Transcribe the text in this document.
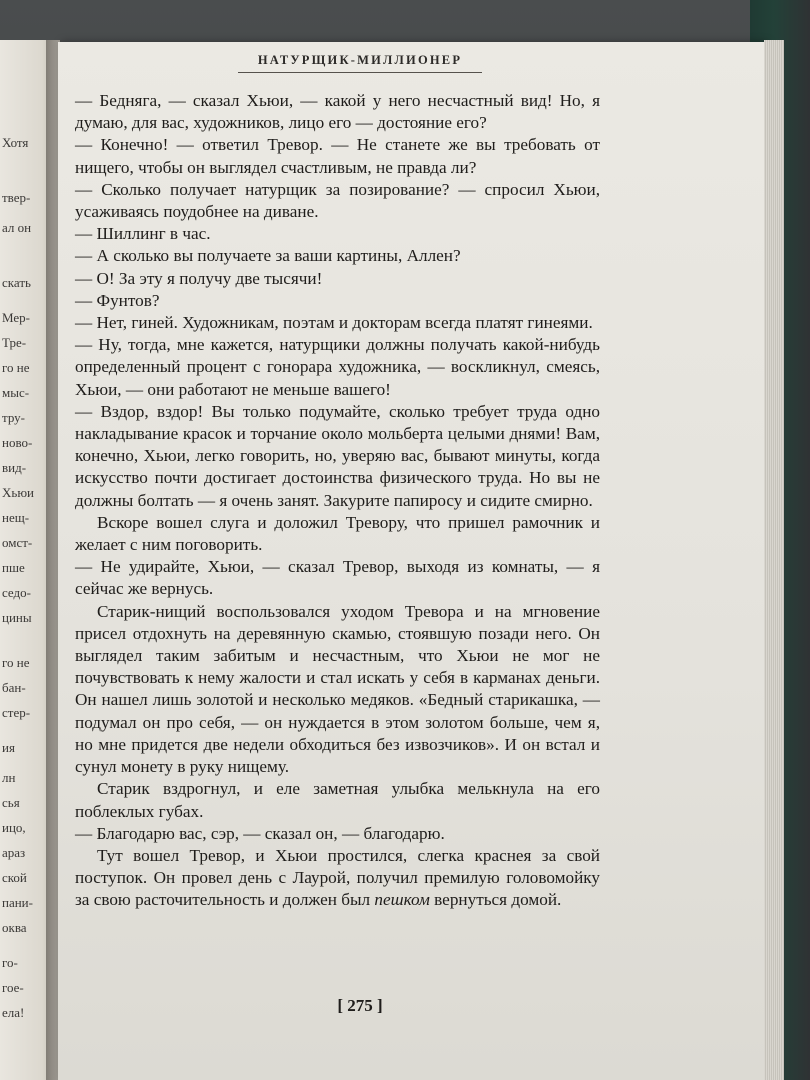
Хотя
твер-
ал он
скать
Мер-
Тре-
го не
мыс-
тру-
ново-
вид-
Хьюи
нещ-
омст-
пше
седо-
цины
го не
бан-
стер-
ия
лн
сья
ицо,
араз
ской
пани-
оква
го-
гое-
ела!
НАТУРЩИК-МИЛЛИОНЕР

— Бедняга, — сказал Хьюи, — какой у него несчастный вид! Но, я думаю, для вас, художников, лицо его — достояние его?

— Конечно! — ответил Тревор. — Не станете же вы требовать от нищего, чтобы он выглядел счастливым, не правда ли?

— Сколько получает натурщик за позирование? — спросил Хьюи, усаживаясь поудобнее на диване.

— Шиллинг в час.

— А сколько вы получаете за ваши картины, Аллен?

— О! За эту я получу две тысячи!

— Фунтов?

— Нет, гиней. Художникам, поэтам и докторам всегда платят гинеями.

— Ну, тогда, мне кажется, натурщики должны получать какой-нибудь определенный процент с гонорара художника, — воскликнул, смеясь, Хьюи, — они работают не меньше вашего!

— Вздор, вздор! Вы только подумайте, сколько требует труда одно накладывание красок и торчание около мольберта целыми днями! Вам, конечно, Хьюи, легко говорить, но, уверяю вас, бывают минуты, когда искусство почти достигает достоинства физического труда. Но вы не должны болтать — я очень занят. Закурите папиросу и сидите смирно.

Вскоре вошел слуга и доложил Тревору, что пришел рамочник и желает с ним поговорить.

— Не удирайте, Хьюи, — сказал Тревор, выходя из комнаты, — я сейчас же вернусь.

Старик-нищий воспользовался уходом Тревора и на мгновение присел отдохнуть на деревянную скамью, стоявшую позади него. Он выглядел таким забитым и несчастным, что Хьюи не мог не почувствовать к нему жалости и стал искать у себя в карманах деньги. Он нашел лишь золотой и несколько медяков. «Бедный старикашка, — подумал он про себя, — он нуждается в этом золотом больше, чем я, но мне придется две недели обходиться без извозчиков». И он встал и сунул монету в руку нищему.

Старик вздрогнул, и еле заметная улыбка мелькнула на его поблеклых губах.

— Благодарю вас, сэр, — сказал он, — благодарю.

Тут вошел Тревор, и Хьюи простился, слегка краснея за свой поступок. Он провел день с Лаурой, получил премилую головомойку за свою расточительность и должен был пешком вернуться домой.

[ 275 ]
